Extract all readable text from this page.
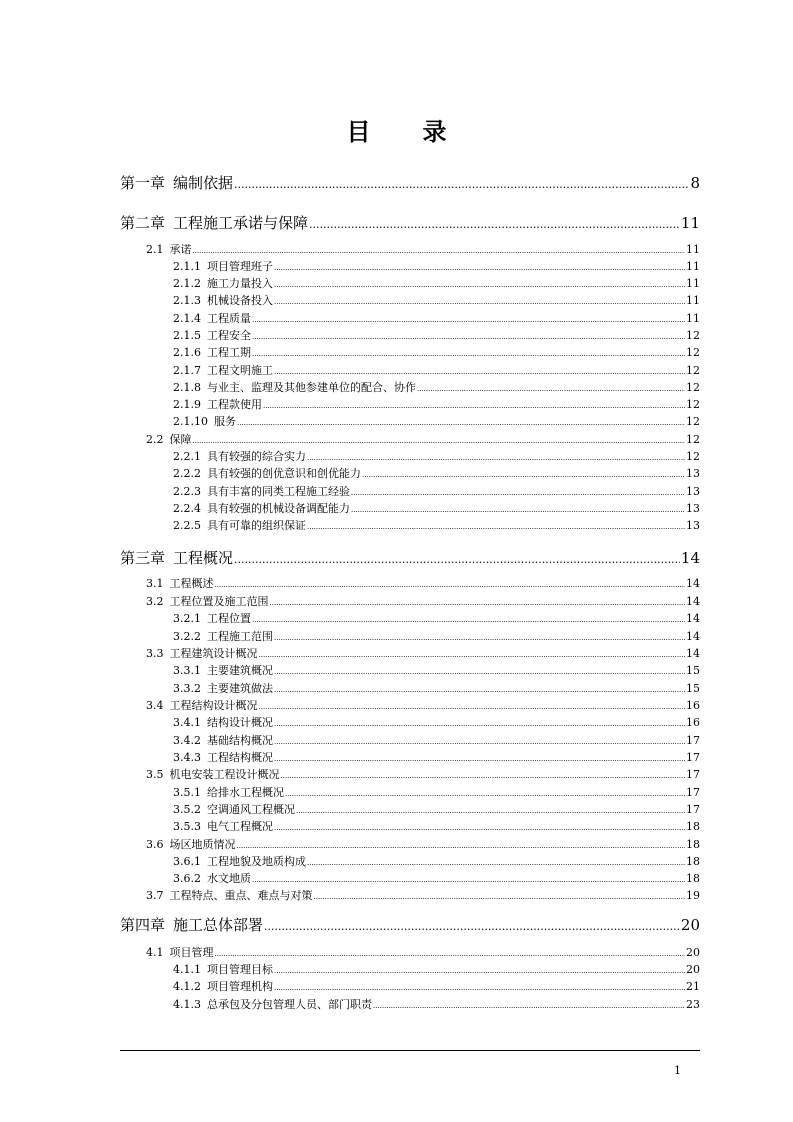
目 录
第一章 编制依据 .....	8
第二章 工程施工承诺与保障 .....	11
2.1 承诺 .....	11
2.1.1 项目管理班子 .....	11
2.1.2 施工力量投入 .....	11
2.1.3 机械设备投入 .....	11
2.1.4 工程质量 .....	11
2.1.5 工程安全 .....	12
2.1.6 工程工期 .....	12
2.1.7 工程文明施工 .....	12
2.1.8 与业主、监理及其他参建单位的配合、协作 .....	12
2.1.9 工程款使用 .....	12
2.1.10 服务 .....	12
2.2 保障 .....	12
2.2.1 具有较强的综合实力 .....	12
2.2.2 具有较强的创优意识和创优能力 .....	13
2.2.3 具有丰富的同类工程施工经验 .....	13
2.2.4 具有较强的机械设备调配能力 .....	13
2.2.5 具有可靠的组织保证 .....	13
第三章 工程概况 .....	14
3.1 工程概述 .....	14
3.2 工程位置及施工范围 .....	14
3.2.1 工程位置 .....	14
3.2.2 工程施工范围 .....	14
3.3 工程建筑设计概况 .....	14
3.3.1 主要建筑概况 .....	15
3.3.2 主要建筑做法 .....	15
3.4 工程结构设计概况 .....	16
3.4.1 结构设计概况 .....	16
3.4.2 基础结构概况 .....	17
3.4.3 工程结构概况 .....	17
3.5 机电安装工程设计概况 .....	17
3.5.1 给排水工程概况 .....	17
3.5.2 空调通风工程概况 .....	17
3.5.3 电气工程概况 .....	18
3.6 场区地质情况 .....	18
3.6.1 工程地貌及地质构成 .....	18
3.6.2 水文地质 .....	18
3.7 工程特点、重点、难点与对策 .....	19
第四章 施工总体部署 .....	20
4.1 项目管理 .....	20
4.1.1 项目管理目标 .....	20
4.1.2 项目管理机构 .....	21
4.1.3 总承包及分包管理人员、部门职责 .....	23
1
